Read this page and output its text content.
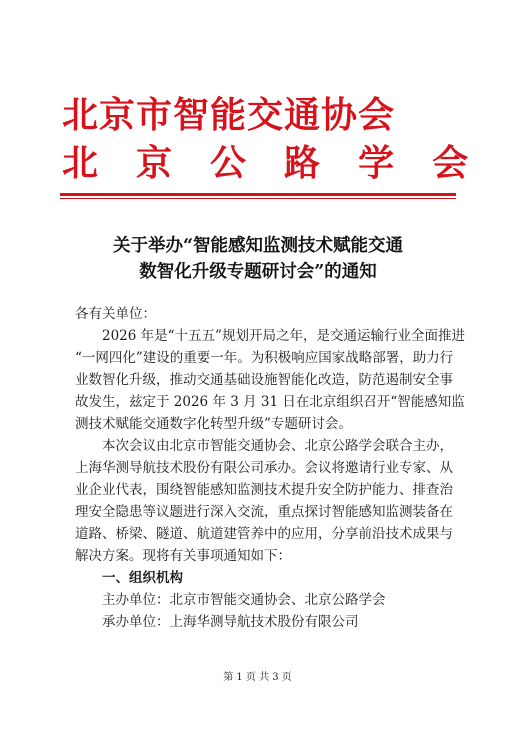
北京市智能交通协会
北 京 公 路 学 会
关于举办“智能感知监测技术赋能交通
数智化升级专题研讨会”的通知
各有关单位：
2026 年是“十五五”规划开局之年，是交通运输行业全面推进
“一网四化”建设的重要一年。为积极响应国家战略部署，助力行
业数智化升级，推动交通基础设施智能化改造，防范遏制安全事
故发生，兹定于 2026 年 3 月 31 日在北京组织召开“智能感知监
测技术赋能交通数字化转型升级”专题研讨会。
本次会议由北京市智能交通协会、北京公路学会联合主办，
上海华测导航技术股份有限公司承办。会议将邀请行业专家、从
业企业代表，围绕智能感知监测技术提升安全防护能力、排查治
理安全隐患等议题进行深入交流，重点探讨智能感知监测装备在
道路、桥梁、隧道、航道建管养中的应用，分享前沿技术成果与
解决方案。现将有关事项通知如下：
一、组织机构
主办单位：北京市智能交通协会、北京公路学会
承办单位：上海华测导航技术股份有限公司
第 1 页 共 3 页
